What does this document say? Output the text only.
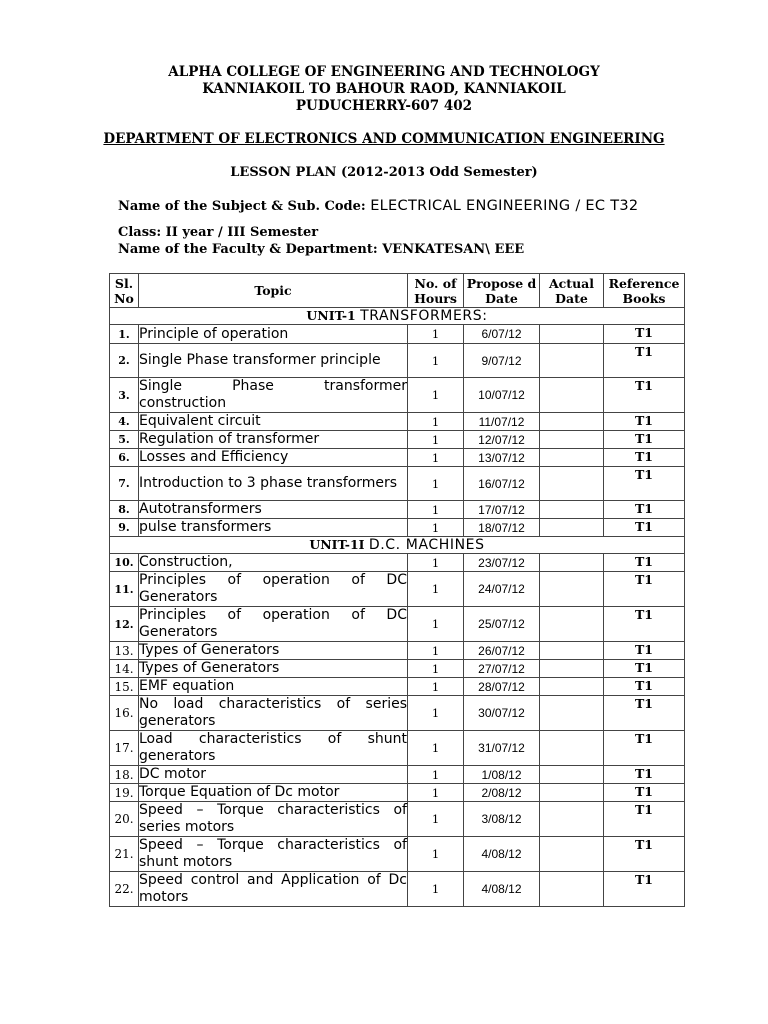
ALPHA COLLEGE OF ENGINEERING AND TECHNOLOGY
KANNIAKOIL TO BAHOUR RAOD, KANNIAKOIL
PUDUCHERRY-607 402
DEPARTMENT OF ELECTRONICS AND COMMUNICATION ENGINEERING
LESSON PLAN (2012-2013 Odd Semester)
Name of the Subject & Sub. Code: ELECTRICAL ENGINEERING / EC T32
Class: II year / III Semester
Name of the Faculty & Department: VENKATESAN\ EEE
Sl. No	Topic	No. of Hours	Propose d Date	Actual Date	Reference Books
UNIT-1 TRANSFORMERS:					
1.	Principle of operation	1	6/07/12		T1
2.	Single Phase transformer principle	1	9/07/12		T1
3.	Single Phase transformer construction	1	10/07/12		T1
4.	Equivalent circuit	1	11/07/12		T1
5.	Regulation of transformer	1	12/07/12		T1
6.	Losses and Efficiency	1	13/07/12		T1
7.	Introduction to 3 phase transformers	1	16/07/12		T1
8.	Autotransformers	1	17/07/12		T1
9.	pulse transformers	1	18/07/12		T1
UNIT-1I D.C. MACHINES					
10.	Construction,	1	23/07/12		T1
11.	Principles of operation of DC Generators	1	24/07/12		T1
12.	Principles of operation of DC Generators	1	25/07/12		T1
13.	Types of Generators	1	26/07/12		T1
14.	Types of Generators	1	27/07/12		T1
15.	EMF equation	1	28/07/12		T1
16.	No load characteristics of series generators	1	30/07/12		T1
17.	Load characteristics of shunt generators	1	31/07/12		T1
18.	DC motor	1	1/08/12		T1
19.	Torque Equation of Dc motor	1	2/08/12		T1
20.	Speed – Torque characteristics of series motors	1	3/08/12		T1
21.	Speed – Torque characteristics of shunt motors	1	4/08/12		T1
22.	Speed control and Application of Dc motors	1	4/08/12		T1
